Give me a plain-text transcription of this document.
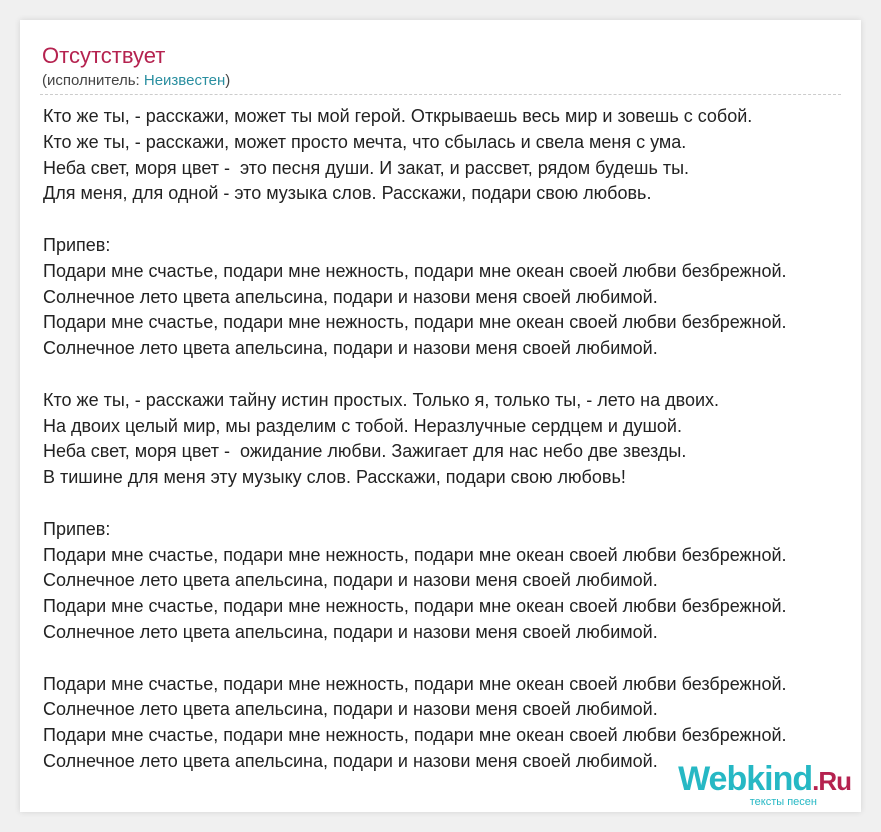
Отсутствует
(исполнитель: Неизвестен)
Кто же ты, - расскажи, может ты мой герой. Открываешь весь мир и зовешь с собой.
Кто же ты, - расскажи, может просто мечта, что сбылась и свела меня с ума.
Неба свет, моря цвет -  это песня души. И закат, и рассвет, рядом будешь ты.
Для меня, для одной - это музыка слов. Расскажи, подари свою любовь.
Припев:
Подари мне счастье, подари мне нежность, подари мне океан своей любви безбрежной.
Солнечное лето цвета апельсина, подари и назови меня своей любимой.
Подари мне счастье, подари мне нежность, подари мне океан своей любви безбрежной.
Солнечное лето цвета апельсина, подари и назови меня своей любимой.
Кто же ты, - расскажи тайну истин простых. Только я, только ты, - лето на двоих.
На двоих целый мир, мы разделим с тобой. Неразлучные сердцем и душой.
Неба свет, моря цвет -  ожидание любви. Зажигает для нас небо две звезды.
В тишине для меня эту музыку слов. Расскажи, подари свою любовь!
Припев:
Подари мне счастье, подари мне нежность, подари мне океан своей любви безбрежной.
Солнечное лето цвета апельсина, подари и назови меня своей любимой.
Подари мне счастье, подари мне нежность, подари мне океан своей любви безбрежной.
Солнечное лето цвета апельсина, подари и назови меня своей любимой.
Подари мне счастье, подари мне нежность, подари мне океан своей любви безбрежной.
Солнечное лето цвета апельсина, подари и назови меня своей любимой.
Подари мне счастье, подари мне нежность, подари мне океан своей любви безбрежной.
Солнечное лето цвета апельсина, подари и назови меня своей любимой. Webkind.Ru
тексты песен
